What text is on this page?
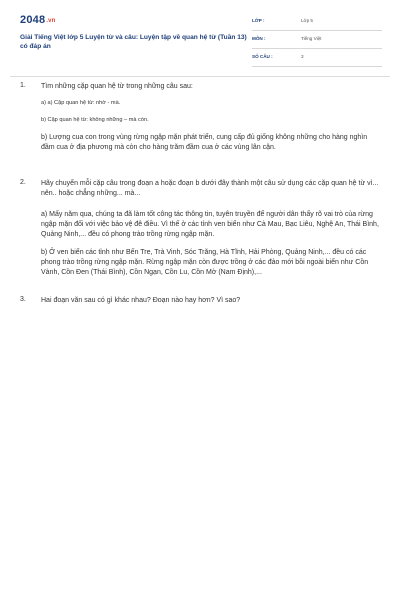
2048.vn
Giải Tiếng Việt lớp 5 Luyện từ và câu: Luyện tập về quan hệ từ (Tuần 13) có đáp án
LỚP :	Lớp 5
MÔN :	Tiếng Việt
SỐ CÂU :	3
1. Tìm những cặp quan hệ từ trong những câu sau:
a) a) Cặp quan hệ từ: nhờ - mà.
b) Cặp quan hệ từ: không những – mà còn.
b) Lượng cua con trong vùng rừng ngập mặn phát triển, cung cấp đủ giống không những cho hàng nghìn đầm cua ở địa phương mà còn cho hàng trăm đầm cua ở các vùng lân cận.
2. Hãy chuyển mỗi cặp câu trong đoạn a hoặc đoạn b dưới đây thành một câu sử dụng các cặp quan hệ từ vì... nên.. hoặc chẳng những... mà...
a) Mấy năm qua, chúng ta đã làm tốt công tác thông tin, tuyên truyền để người dân thấy rõ vai trò của rừng ngập mặn đối với việc bảo vệ đê điều. Vì thế ở các tỉnh ven biển như Cà Mau, Bạc Liêu, Nghệ An, Thái Bình, Quảng Ninh,... đều có phong trào trồng rừng ngập mặn.
b) Ở ven biển các tỉnh như Bến Tre, Trà Vinh, Sóc Trăng, Hà Tĩnh, Hải Phòng, Quảng Ninh,... đều có các phong trào trồng rừng ngập mặn. Rừng ngập mặn còn được trồng ở các đảo mới bồi ngoài biển như Cồn Vành, Cồn Đen (Thái Bình), Cồn Ngạn, Cồn Lu, Cồn Mờ (Nam Định),...
3. Hai đoạn văn sau có gì khác nhau? Đoạn nào hay hơn? Vì sao?
